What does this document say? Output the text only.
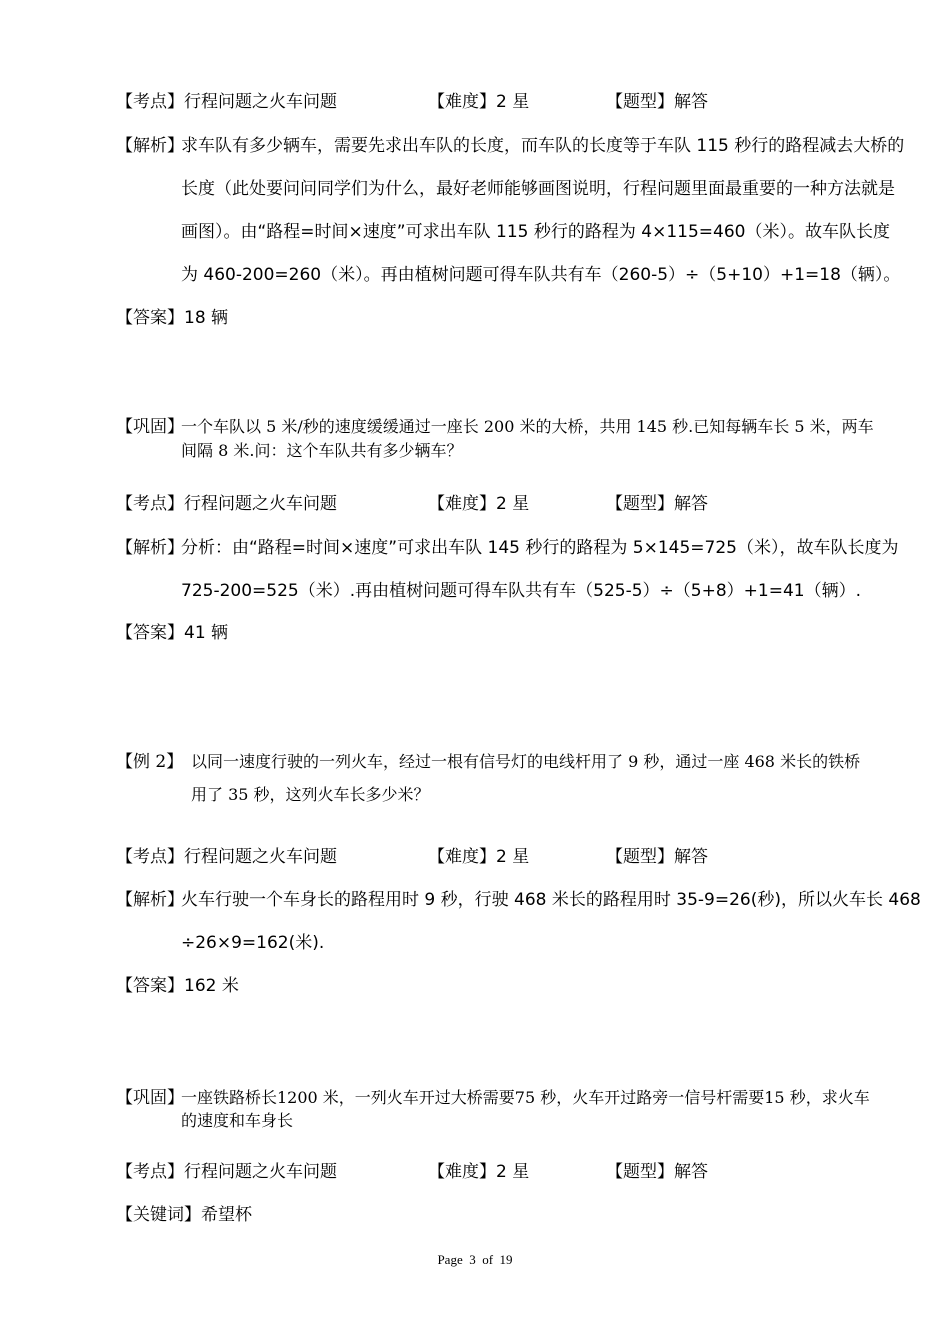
【考点】行程问题之火车问题	【难度】2 星	【题型】解答
【解析】
求车队有多少辆车，需要先求出车队的长度，而车队的长度等于车队 115 秒行的路程减去大桥的
长度（此处要问问同学们为什么，最好老师能够画图说明，行程问题里面最重要的一种方法就是
画图）。由“路程=时间×速度”可求出车队 115 秒行的路程为 4×115=460（米）。故车队长度
为 460-200=260（米）。再由植树问题可得车队共有车（260-5）÷（5+10）+1=18（辆）。
【答案】18 辆
【巩固】
一个车队以 5 米/秒的速度缓缓通过一座长 200 米的大桥，共用 145 秒.已知每辆车长 5 米，两车
间隔 8 米.问：这个车队共有多少辆车？
【考点】行程问题之火车问题	【难度】2 星	【题型】解答
【解析】
分析：由“路程=时间×速度”可求出车队 145 秒行的路程为 5×145=725（米），故车队长度为
725-200=525（米）.再由植树问题可得车队共有车（525-5）÷（5+8）+1=41（辆）.
【答案】41 辆
【例 2】 以同一速度行驶的一列火车，经过一根有信号灯的电线杆用了 9 秒，通过一座 468 米长的铁桥
用了 35 秒，这列火车长多少米？
【考点】行程问题之火车问题	【难度】2 星	【题型】解答
【解析】
火车行驶一个车身长的路程用时 9 秒，行驶 468 米长的路程用时 35-9=26(秒)，所以火车长 468
÷26×9=162(米).
【答案】162 米
【巩固】
一座铁路桥长1200 米，一列火车开过大桥需要75 秒，火车开过路旁一信号杆需要15 秒，求火车
的速度和车身长
【考点】行程问题之火车问题	【难度】2 星	【题型】解答
【关键词】希望杯
Page  3  of  19
